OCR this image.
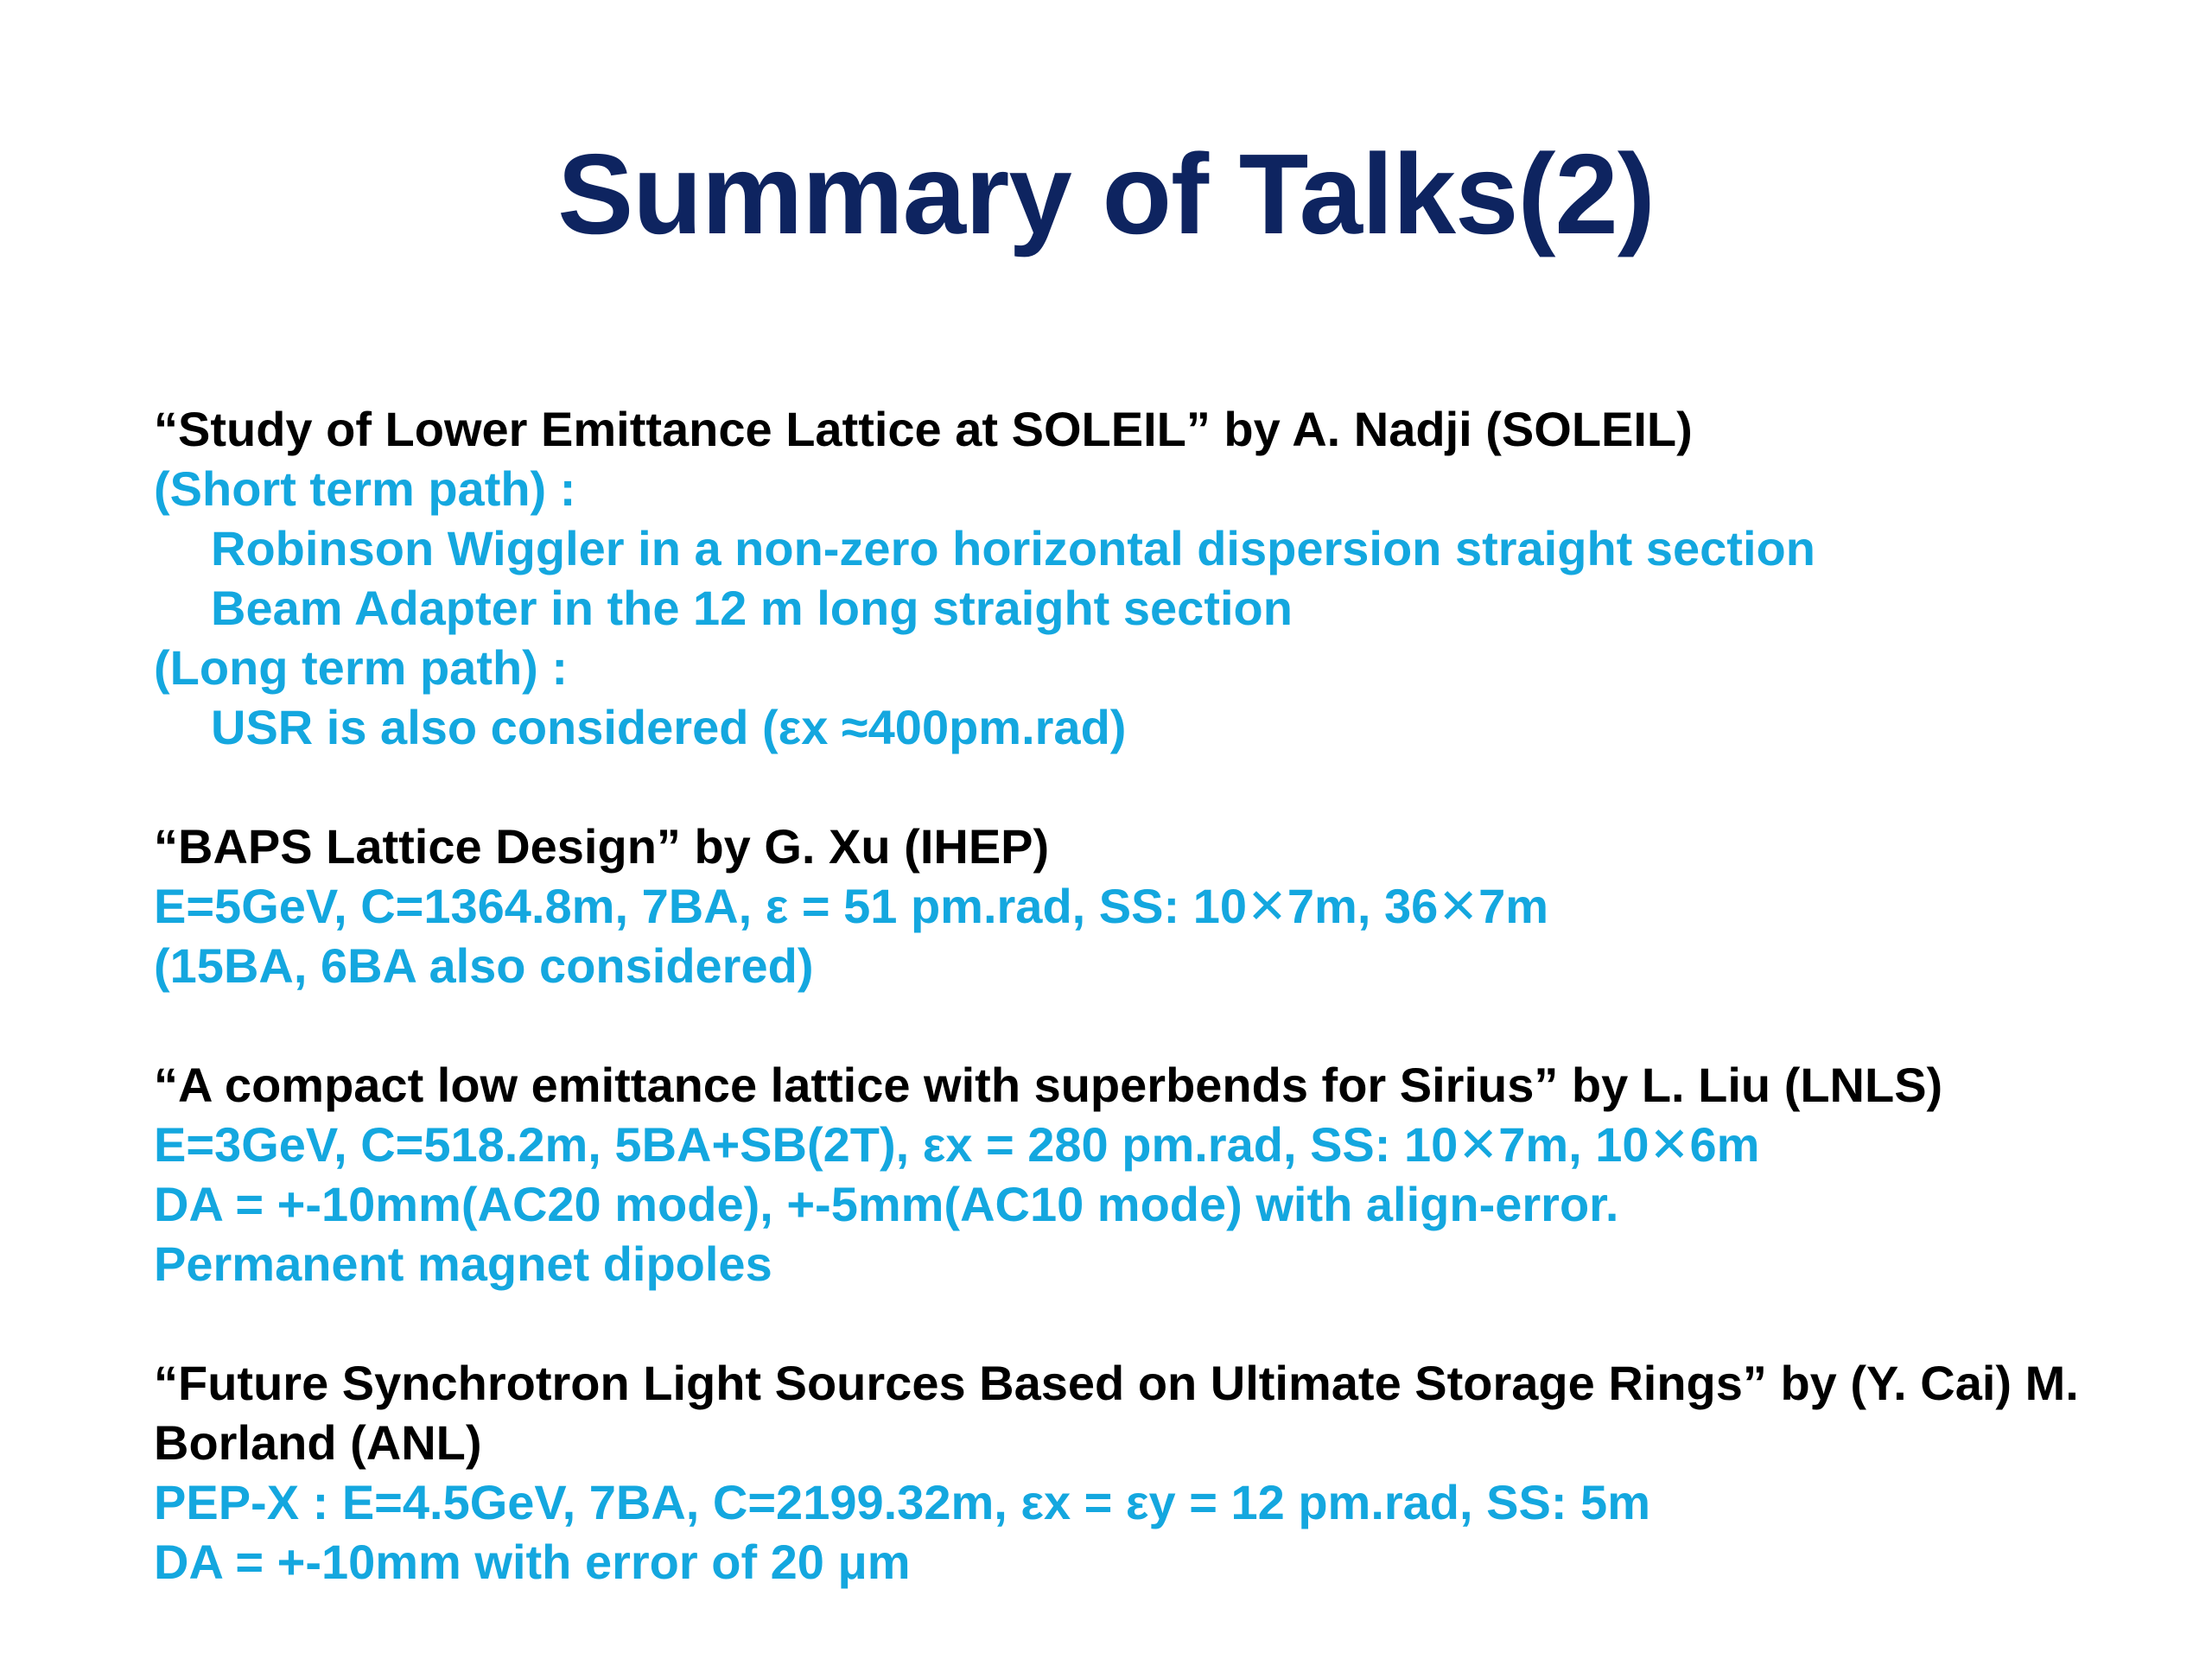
Summary of Talks(2)
“Study of Lower Emittance Lattice at SOLEIL” by A. Nadji (SOLEIL)
(Short term path) :
Robinson Wiggler in a non-zero horizontal dispersion straight section
Beam Adapter in the 12 m long straight section
(Long term path) :
USR is also considered (εx ≈400pm.rad)
“BAPS Lattice Design” by G. Xu (IHEP)
E=5GeV, C=1364.8m, 7BA, ε = 51 pm.rad, SS: 10✕7m, 36✕7m
(15BA, 6BA also considered)
“A compact low emittance lattice with superbends for Sirius” by L. Liu (LNLS)
E=3GeV, C=518.2m, 5BA+SB(2T), εx = 280 pm.rad, SS: 10✕7m, 10✕6m
DA = +-10mm(AC20 mode), +-5mm(AC10 mode) with align-error.
Permanent magnet dipoles
“Future Synchrotron Light Sources Based on Ultimate Storage Rings” by (Y. Cai) M. Borland (ANL)
PEP-X : E=4.5GeV, 7BA, C=2199.32m, εx = εy = 12 pm.rad, SS: 5m
DA = +-10mm with error of 20 μm
